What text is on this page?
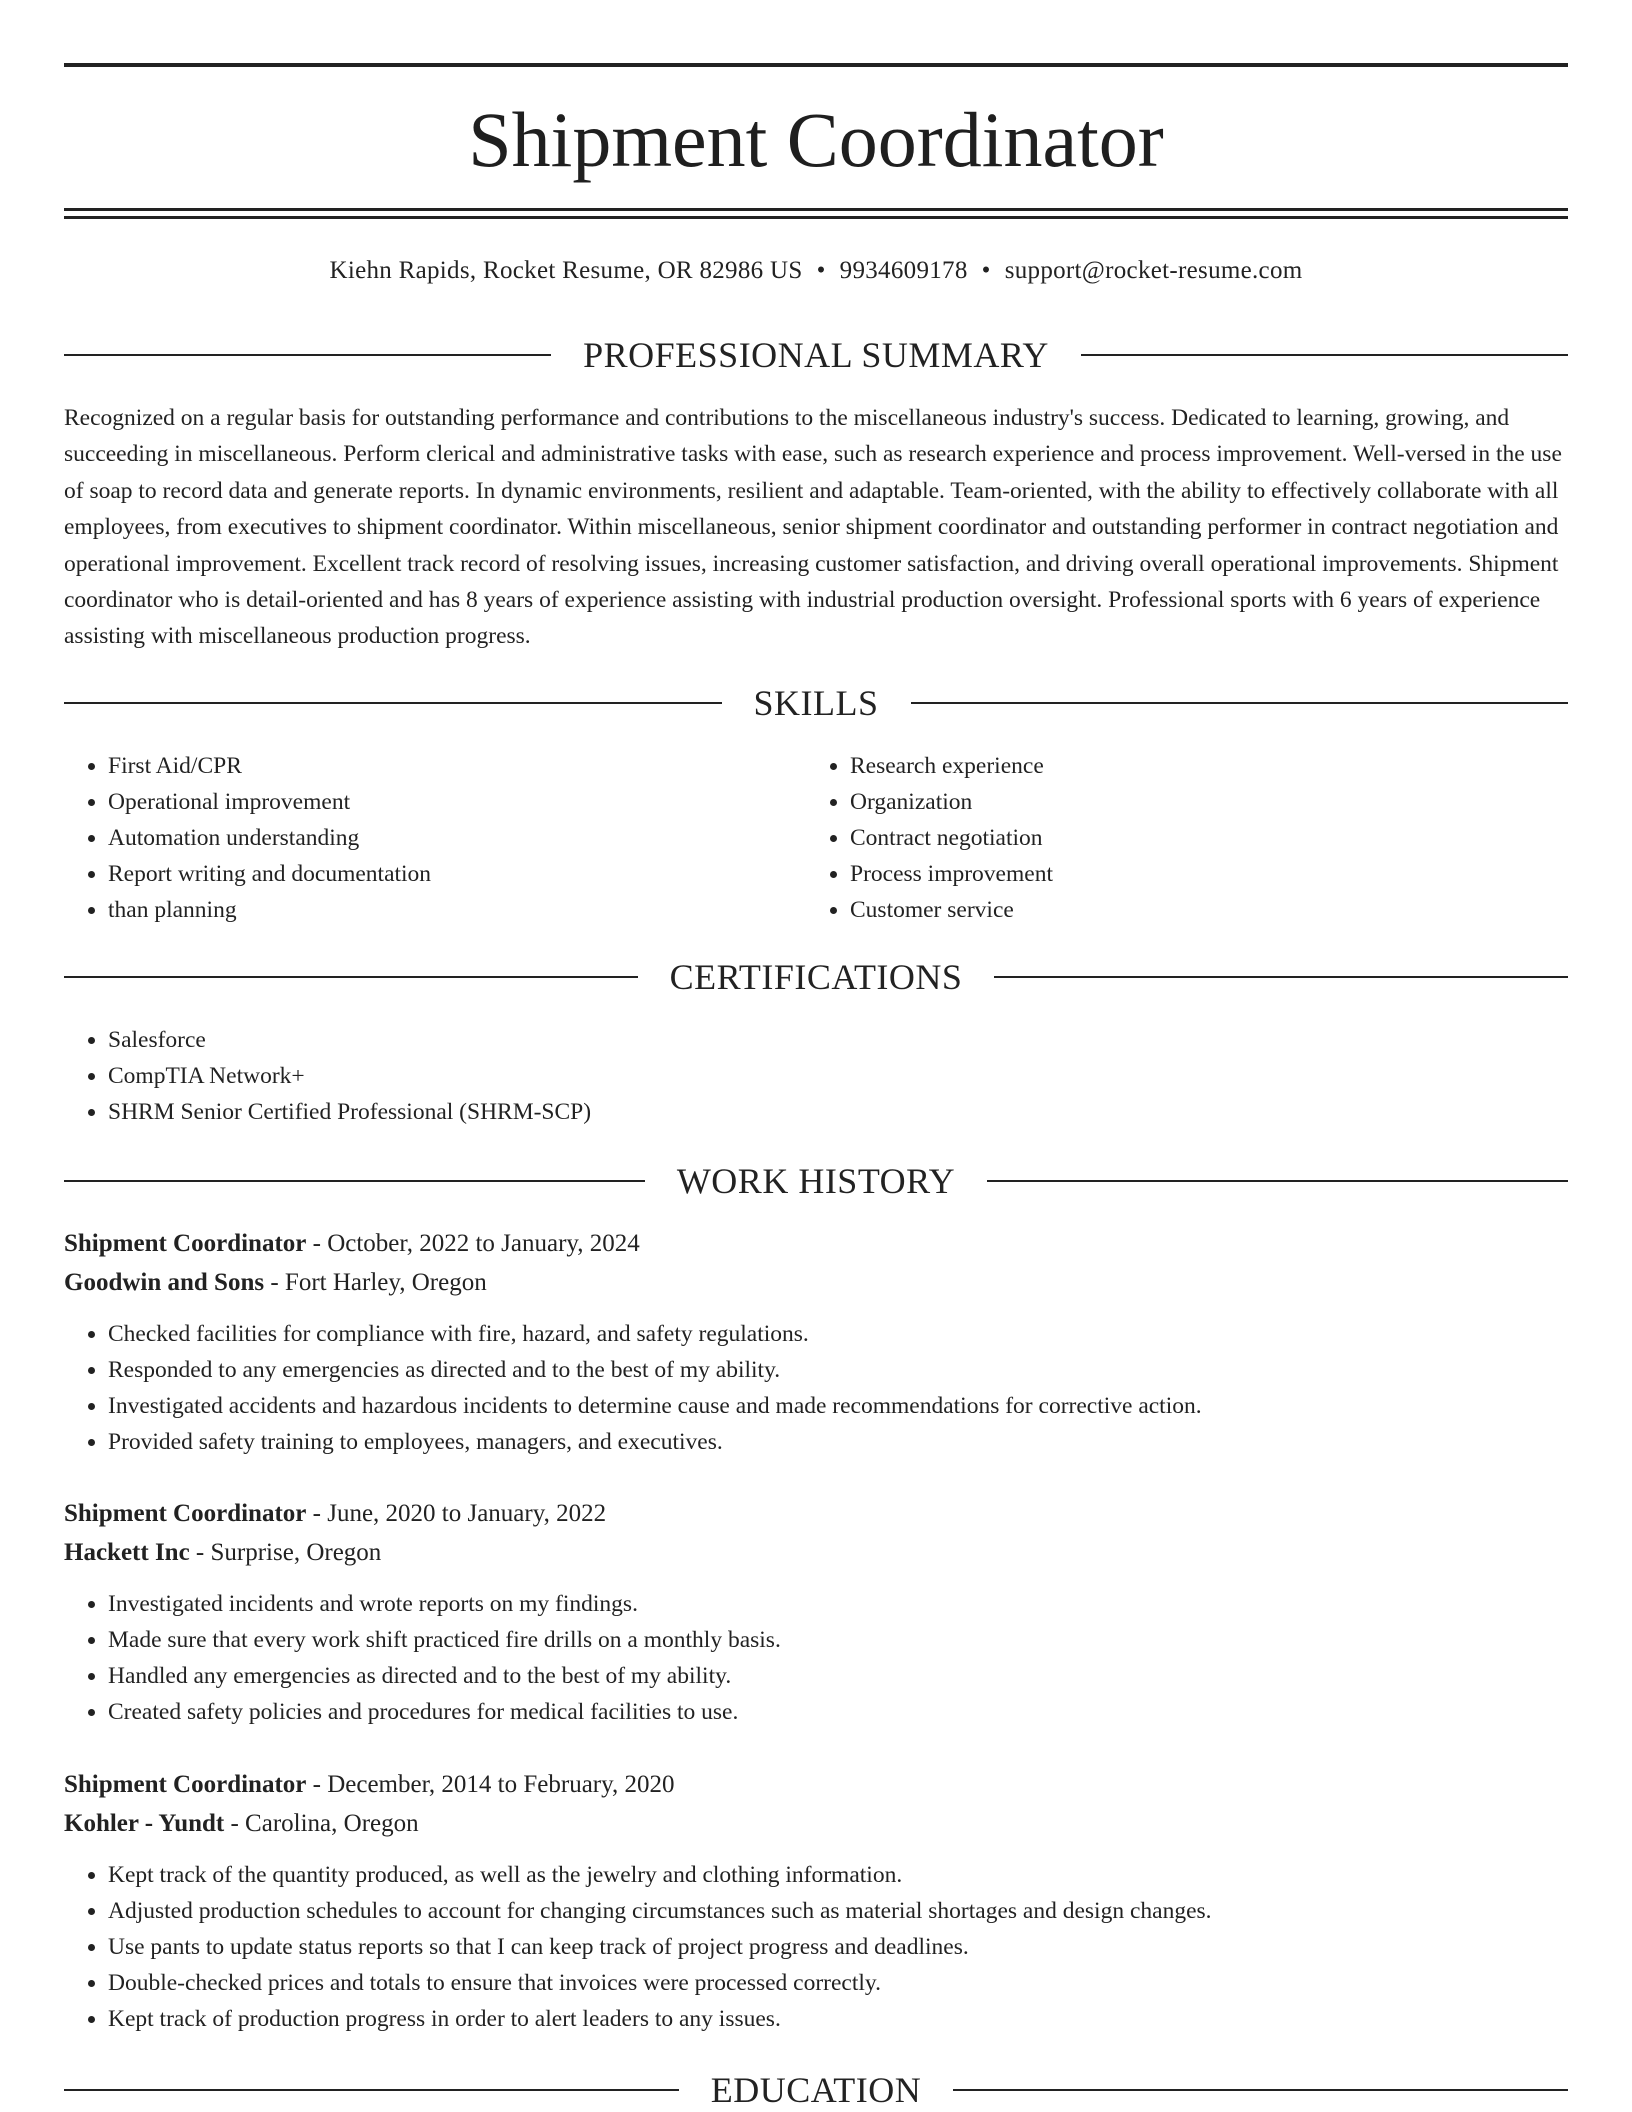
Shipment Coordinator
Kiehn Rapids, Rocket Resume, OR 82986 US • 9934609178 • support@rocket-resume.com
PROFESSIONAL SUMMARY

Recognized on a regular basis for outstanding performance and contributions to the miscellaneous industry's success. Dedicated to learning, growing, and succeeding in miscellaneous. Perform clerical and administrative tasks with ease, such as research experience and process improvement. Well-versed in the use of soap to record data and generate reports. In dynamic environments, resilient and adaptable. Team-oriented, with the ability to effectively collaborate with all employees, from executives to shipment coordinator. Within miscellaneous, senior shipment coordinator and outstanding performer in contract negotiation and operational improvement. Excellent track record of resolving issues, increasing customer satisfaction, and driving overall operational improvements. Shipment coordinator who is detail-oriented and has 8 years of experience assisting with industrial production oversight. Professional sports with 6 years of experience assisting with miscellaneous production progress.

SKILLS
• First Aid/CPR
• Operational improvement
• Automation understanding
• Report writing and documentation
• than planning
• Research experience
• Organization
• Contract negotiation
• Process improvement
• Customer service
CERTIFICATIONS
• Salesforce
• CompTIA Network+
• SHRM Senior Certified Professional (SHRM-SCP)
WORK HISTORY
Shipment Coordinator - October, 2022 to January, 2024
Goodwin and Sons - Fort Harley, Oregon
• Checked facilities for compliance with fire, hazard, and safety regulations.
• Responded to any emergencies as directed and to the best of my ability.
• Investigated accidents and hazardous incidents to determine cause and made recommendations for corrective action.
• Provided safety training to employees, managers, and executives.
Shipment Coordinator - June, 2020 to January, 2022
Hackett Inc - Surprise, Oregon
• Investigated incidents and wrote reports on my findings.
• Made sure that every work shift practiced fire drills on a monthly basis.
• Handled any emergencies as directed and to the best of my ability.
• Created safety policies and procedures for medical facilities to use.
Shipment Coordinator - December, 2014 to February, 2020
Kohler - Yundt - Carolina, Oregon
• Kept track of the quantity produced, as well as the jewelry and clothing information.
• Adjusted production schedules to account for changing circumstances such as material shortages and design changes.
• Use pants to update status reports so that I can keep track of project progress and deadlines.
• Double-checked prices and totals to ensure that invoices were processed correctly.
• Kept track of production progress in order to alert leaders to any issues.
EDUCATION
